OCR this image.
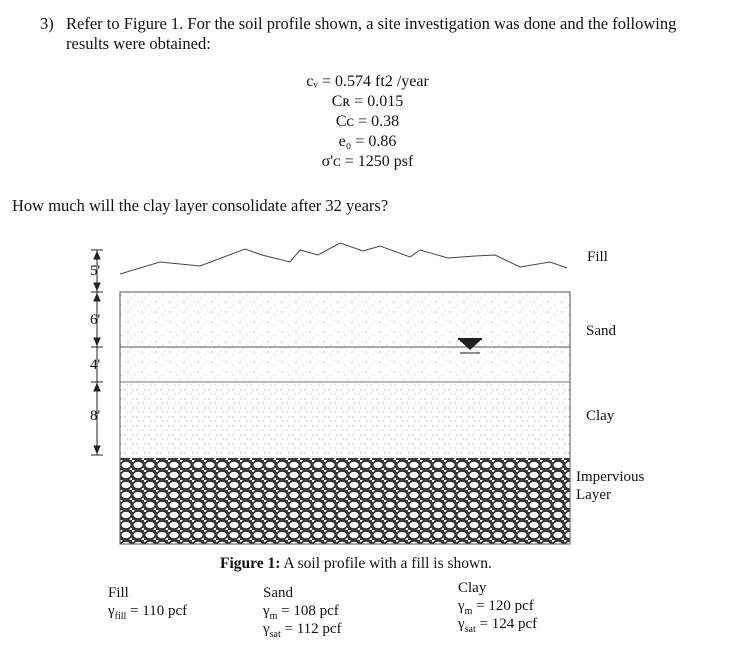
3) Refer to Figure 1. For the soil profile shown, a site investigation was done and the following
results were obtained:
cᵥ = 0.574 ft2 /year
Cʀ = 0.015
Cᴄ = 0.38
e₀ = 0.86
σ'ᴄ = 1250 psf
How much will the clay layer consolidate after 32 years?
5'
6'
4'
8'
Fill
Sand
Clay
Impervious
Layer
Figure 1: A soil profile with a fill is shown.
Fill
$\gamma_{fill} = 110$ pcf
Sand
$\gamma_m = 108$ pcf
$\gamma_{sat} = 112$ pcf
Clay
$\gamma_m = 120$ pcf
$\gamma_{sat} = 124$ pcf
